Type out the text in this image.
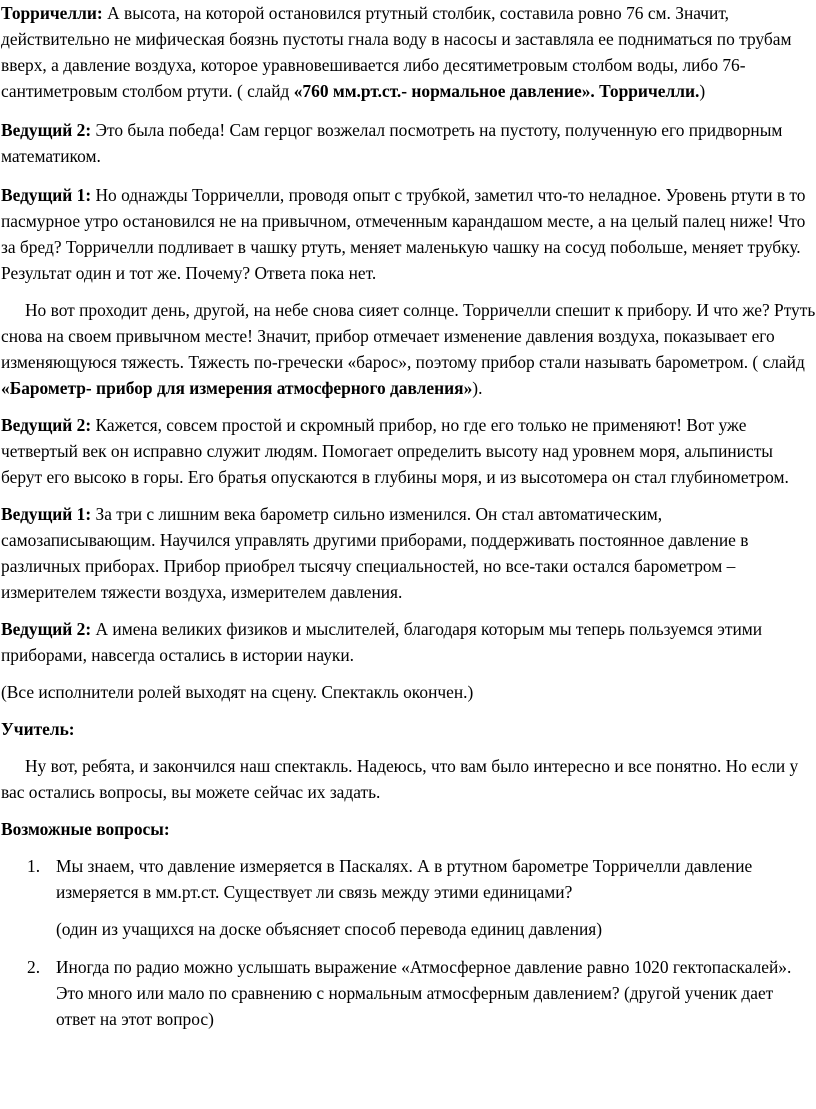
Торричелли: А высота, на которой остановился ртутный столбик, составила ровно 76 см. Значит, действительно не мифическая боязнь пустоты гнала воду в насосы и заставляла ее подниматься по трубам вверх, а давление воздуха, которое уравновешивается либо десятиметровым столбом воды, либо 76- сантиметровым столбом ртути. ( слайд «760 мм.рт.ст.- нормальное давление». Торричелли.)

Ведущий 2: Это была победа! Сам герцог возжелал посмотреть на пустоту, полученную его придворным математиком.

Ведущий 1: Но однажды Торричелли, проводя опыт с трубкой, заметил что-то неладное. Уровень ртути в то пасмурное утро остановился не на привычном, отмеченным карандашом месте, а на целый палец ниже! Что за бред? Торричелли подливает в чашку ртуть, меняет маленькую чашку на сосуд побольше, меняет трубку. Результат один и тот же. Почему? Ответа пока нет.

Но вот проходит день, другой, на небе снова сияет солнце. Торричелли спешит к прибору. И что же? Ртуть снова на своем привычном месте! Значит, прибор отмечает изменение давления воздуха, показывает его изменяющуюся тяжесть. Тяжесть по-гречески «барос», поэтому прибор стали называть барометром. ( слайд «Барометр- прибор для измерения атмосферного давления»).

Ведущий 2: Кажется, совсем простой и скромный прибор, но где его только не применяют! Вот уже четвертый век он исправно служит людям. Помогает определить высоту над уровнем моря, альпинисты берут его высоко в горы. Его братья опускаются в глубины моря, и из высотомера он стал глубинометром.

Ведущий 1: За три с лишним века барометр сильно изменился. Он стал автоматическим, самозаписывающим. Научился управлять другими приборами, поддерживать постоянное давление в различных приборах. Прибор приобрел тысячу специальностей, но все-таки остался барометром – измерителем тяжести воздуха, измерителем давления.

Ведущий 2: А имена великих физиков и мыслителей, благодаря которым мы теперь пользуемся этими приборами, навсегда остались в истории науки.

(Все исполнители ролей выходят на сцену. Спектакль окончен.)

Учитель:

Ну вот, ребята, и закончился наш спектакль. Надеюсь, что вам было интересно и все понятно. Но если у вас остались вопросы, вы можете сейчас их задать.

Возможные вопросы:

1. Мы знаем, что давление измеряется в Паскалях. А в ртутном барометре Торричелли давление измеряется в мм.рт.ст. Существует ли связь между этими единицами?

(один из учащихся на доске объясняет способ перевода единиц давления)

2. Иногда по радио можно услышать выражение «Атмосферное давление равно 1020 гектопаскалей». Это много или мало по сравнению с нормальным атмосферным давлением? (другой ученик дает ответ на этот вопрос)
